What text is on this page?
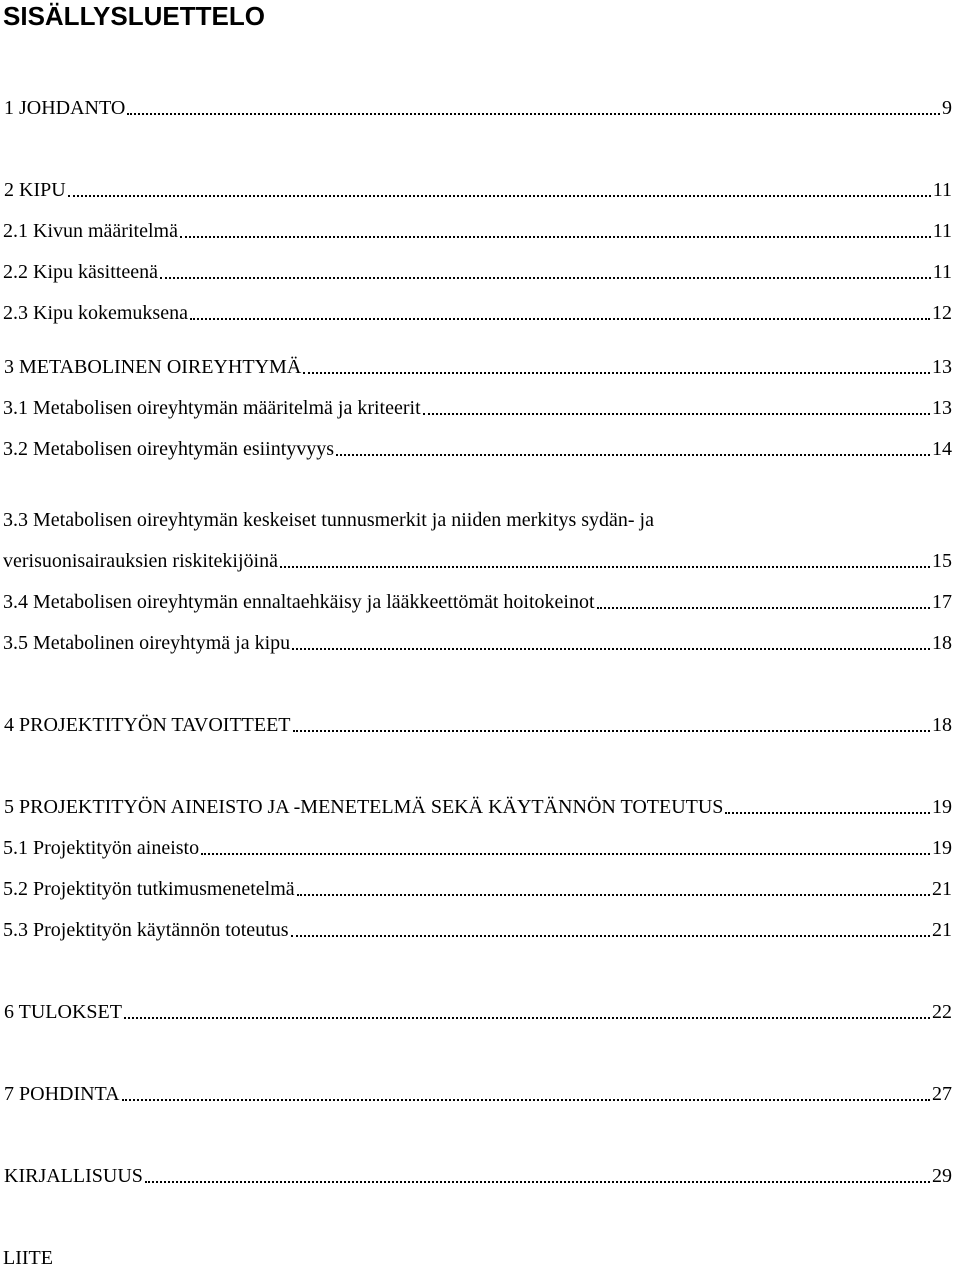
SISÄLLYSLUETTELO
1 JOHDANTO	9
2 KIPU	11
2.1 Kivun määritelmä	11
2.2 Kipu käsitteenä	11
2.3 Kipu kokemuksena	12
3 METABOLINEN OIREYHTYMÄ	13
3.1 Metabolisen oireyhtymän määritelmä ja kriteerit	13
3.2 Metabolisen oireyhtymän esiintyvyys	14
3.3 Metabolisen oireyhtymän keskeiset tunnusmerkit ja niiden merkitys sydän- ja
verisuonisairauksien riskitekijöinä	15
3.4 Metabolisen oireyhtymän ennaltaehkäisy ja lääkkeettömät hoitokeinot	17
3.5 Metabolinen oireyhtymä ja kipu	18
4 PROJEKTITYÖN TAVOITTEET	18
5 PROJEKTITYÖN AINEISTO JA -MENETELMÄ SEKÄ KÄYTÄNNÖN TOTEUTUS	19
5.1 Projektityön aineisto	19
5.2 Projektityön tutkimusmenetelmä	21
5.3 Projektityön käytännön toteutus	21
6 TULOKSET	22
7 POHDINTA	27
KIRJALLISUUS	29
LIITE
